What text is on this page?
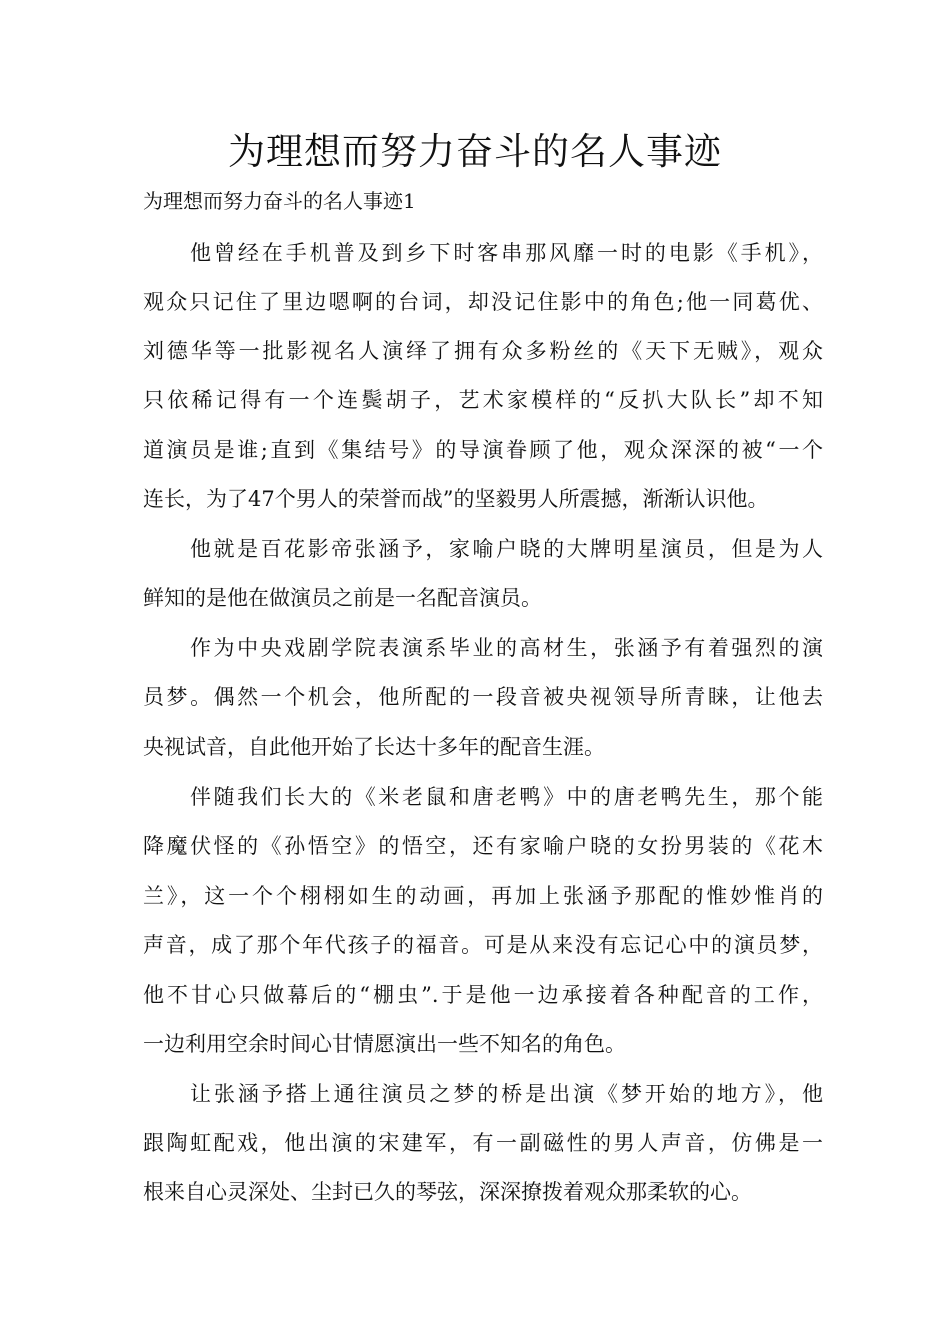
为理想而努力奋斗的名人事迹

为理想而努力奋斗的名人事迹1

他曾经在手机普及到乡下时客串那风靡一时的电影《手机》，

观众只记住了里边嗯啊的台词，却没记住影中的角色;他一同葛优、

刘德华等一批影视名人演绎了拥有众多粉丝的《天下无贼》，观众

只依稀记得有一个连鬓胡子，艺术家模样的“反扒大队长”却不知

道演员是谁;直到《集结号》的导演眷顾了他，观众深深的被“一个

连长，为了47个男人的荣誉而战”的坚毅男人所震撼，渐渐认识他。

他就是百花影帝张涵予，家喻户晓的大牌明星演员，但是为人

鲜知的是他在做演员之前是一名配音演员。

作为中央戏剧学院表演系毕业的高材生，张涵予有着强烈的演

员梦。偶然一个机会，他所配的一段音被央视领导所青睐，让他去

央视试音，自此他开始了长达十多年的配音生涯。

伴随我们长大的《米老鼠和唐老鸭》中的唐老鸭先生，那个能

降魔伏怪的《孙悟空》的悟空，还有家喻户晓的女扮男装的《花木

兰》，这一个个栩栩如生的动画，再加上张涵予那配的惟妙惟肖的

声音，成了那个年代孩子的福音。可是从来没有忘记心中的演员梦，

他不甘心只做幕后的“棚虫”.于是他一边承接着各种配音的工作，

一边利用空余时间心甘情愿演出一些不知名的角色。

让张涵予搭上通往演员之梦的桥是出演《梦开始的地方》，他

跟陶虹配戏，他出演的宋建军，有一副磁性的男人声音，仿佛是一

根来自心灵深处、尘封已久的琴弦，深深撩拨着观众那柔软的心。
